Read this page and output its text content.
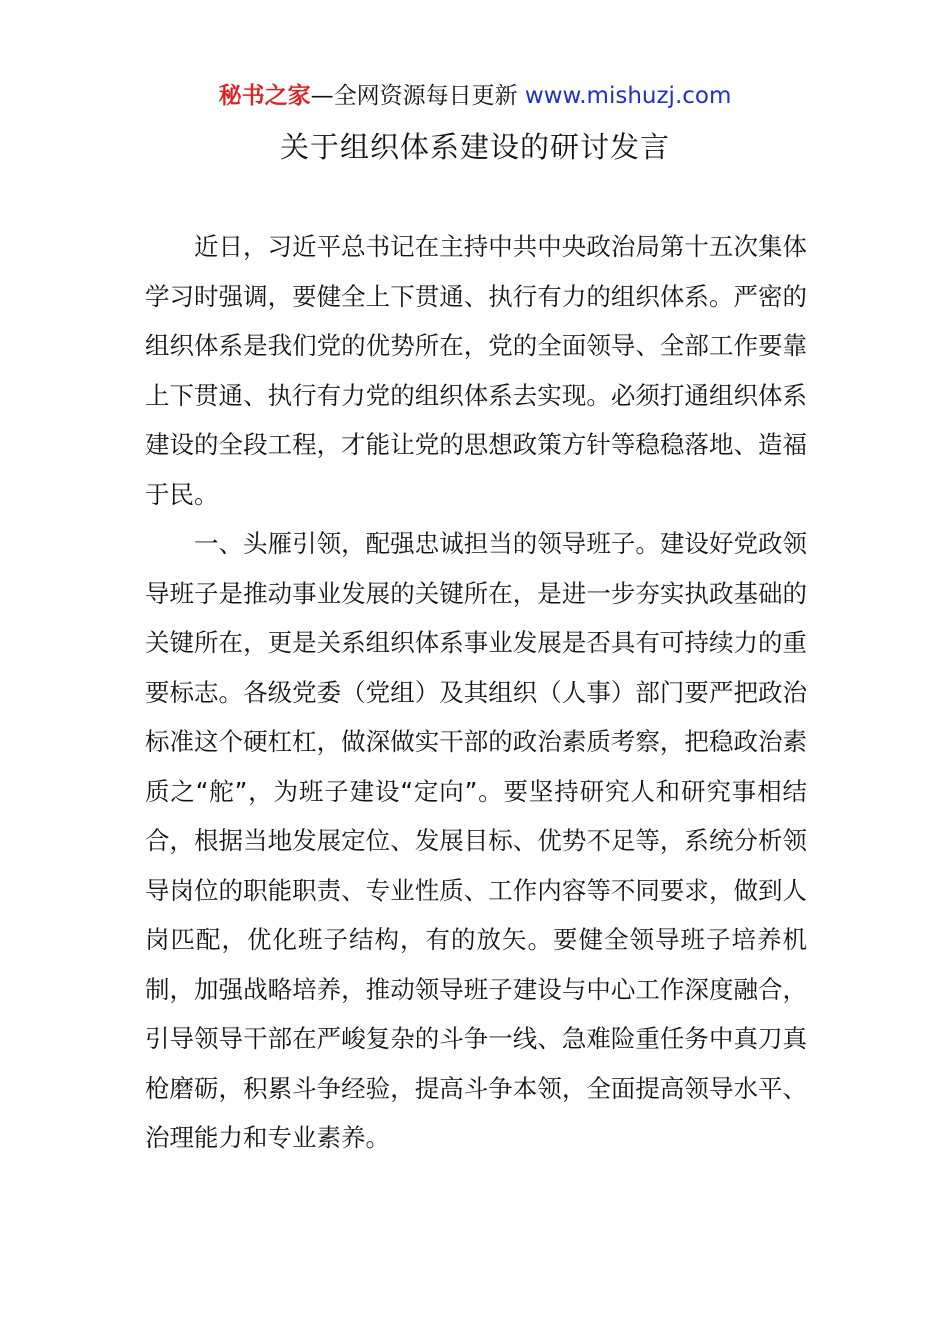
秘书之家—全网资源每日更新 www.mishuzj.com
关于组织体系建设的研讨发言

近日，习近平总书记在主持中共中央政治局第十五次集体学习时强调，要健全上下贯通、执行有力的组织体系。严密的组织体系是我们党的优势所在，党的全面领导、全部工作要靠上下贯通、执行有力党的组织体系去实现。必须打通组织体系建设的全段工程，才能让党的思想政策方针等稳稳落地、造福于民。

一、头雁引领，配强忠诚担当的领导班子。建设好党政领导班子是推动事业发展的关键所在，是进一步夯实执政基础的关键所在，更是关系组织体系事业发展是否具有可持续力的重要标志。各级党委（党组）及其组织（人事）部门要严把政治标准这个硬杠杠，做深做实干部的政治素质考察，把稳政治素质之“舵”，为班子建设“定向”。要坚持研究人和研究事相结合，根据当地发展定位、发展目标、优势不足等，系统分析领导岗位的职能职责、专业性质、工作内容等不同要求，做到人岗匹配，优化班子结构，有的放矢。要健全领导班子培养机制，加强战略培养，推动领导班子建设与中心工作深度融合，引导领导干部在严峻复杂的斗争一线、急难险重任务中真刀真枪磨砺，积累斗争经验，提高斗争本领，全面提高领导水平、治理能力和专业素养。
